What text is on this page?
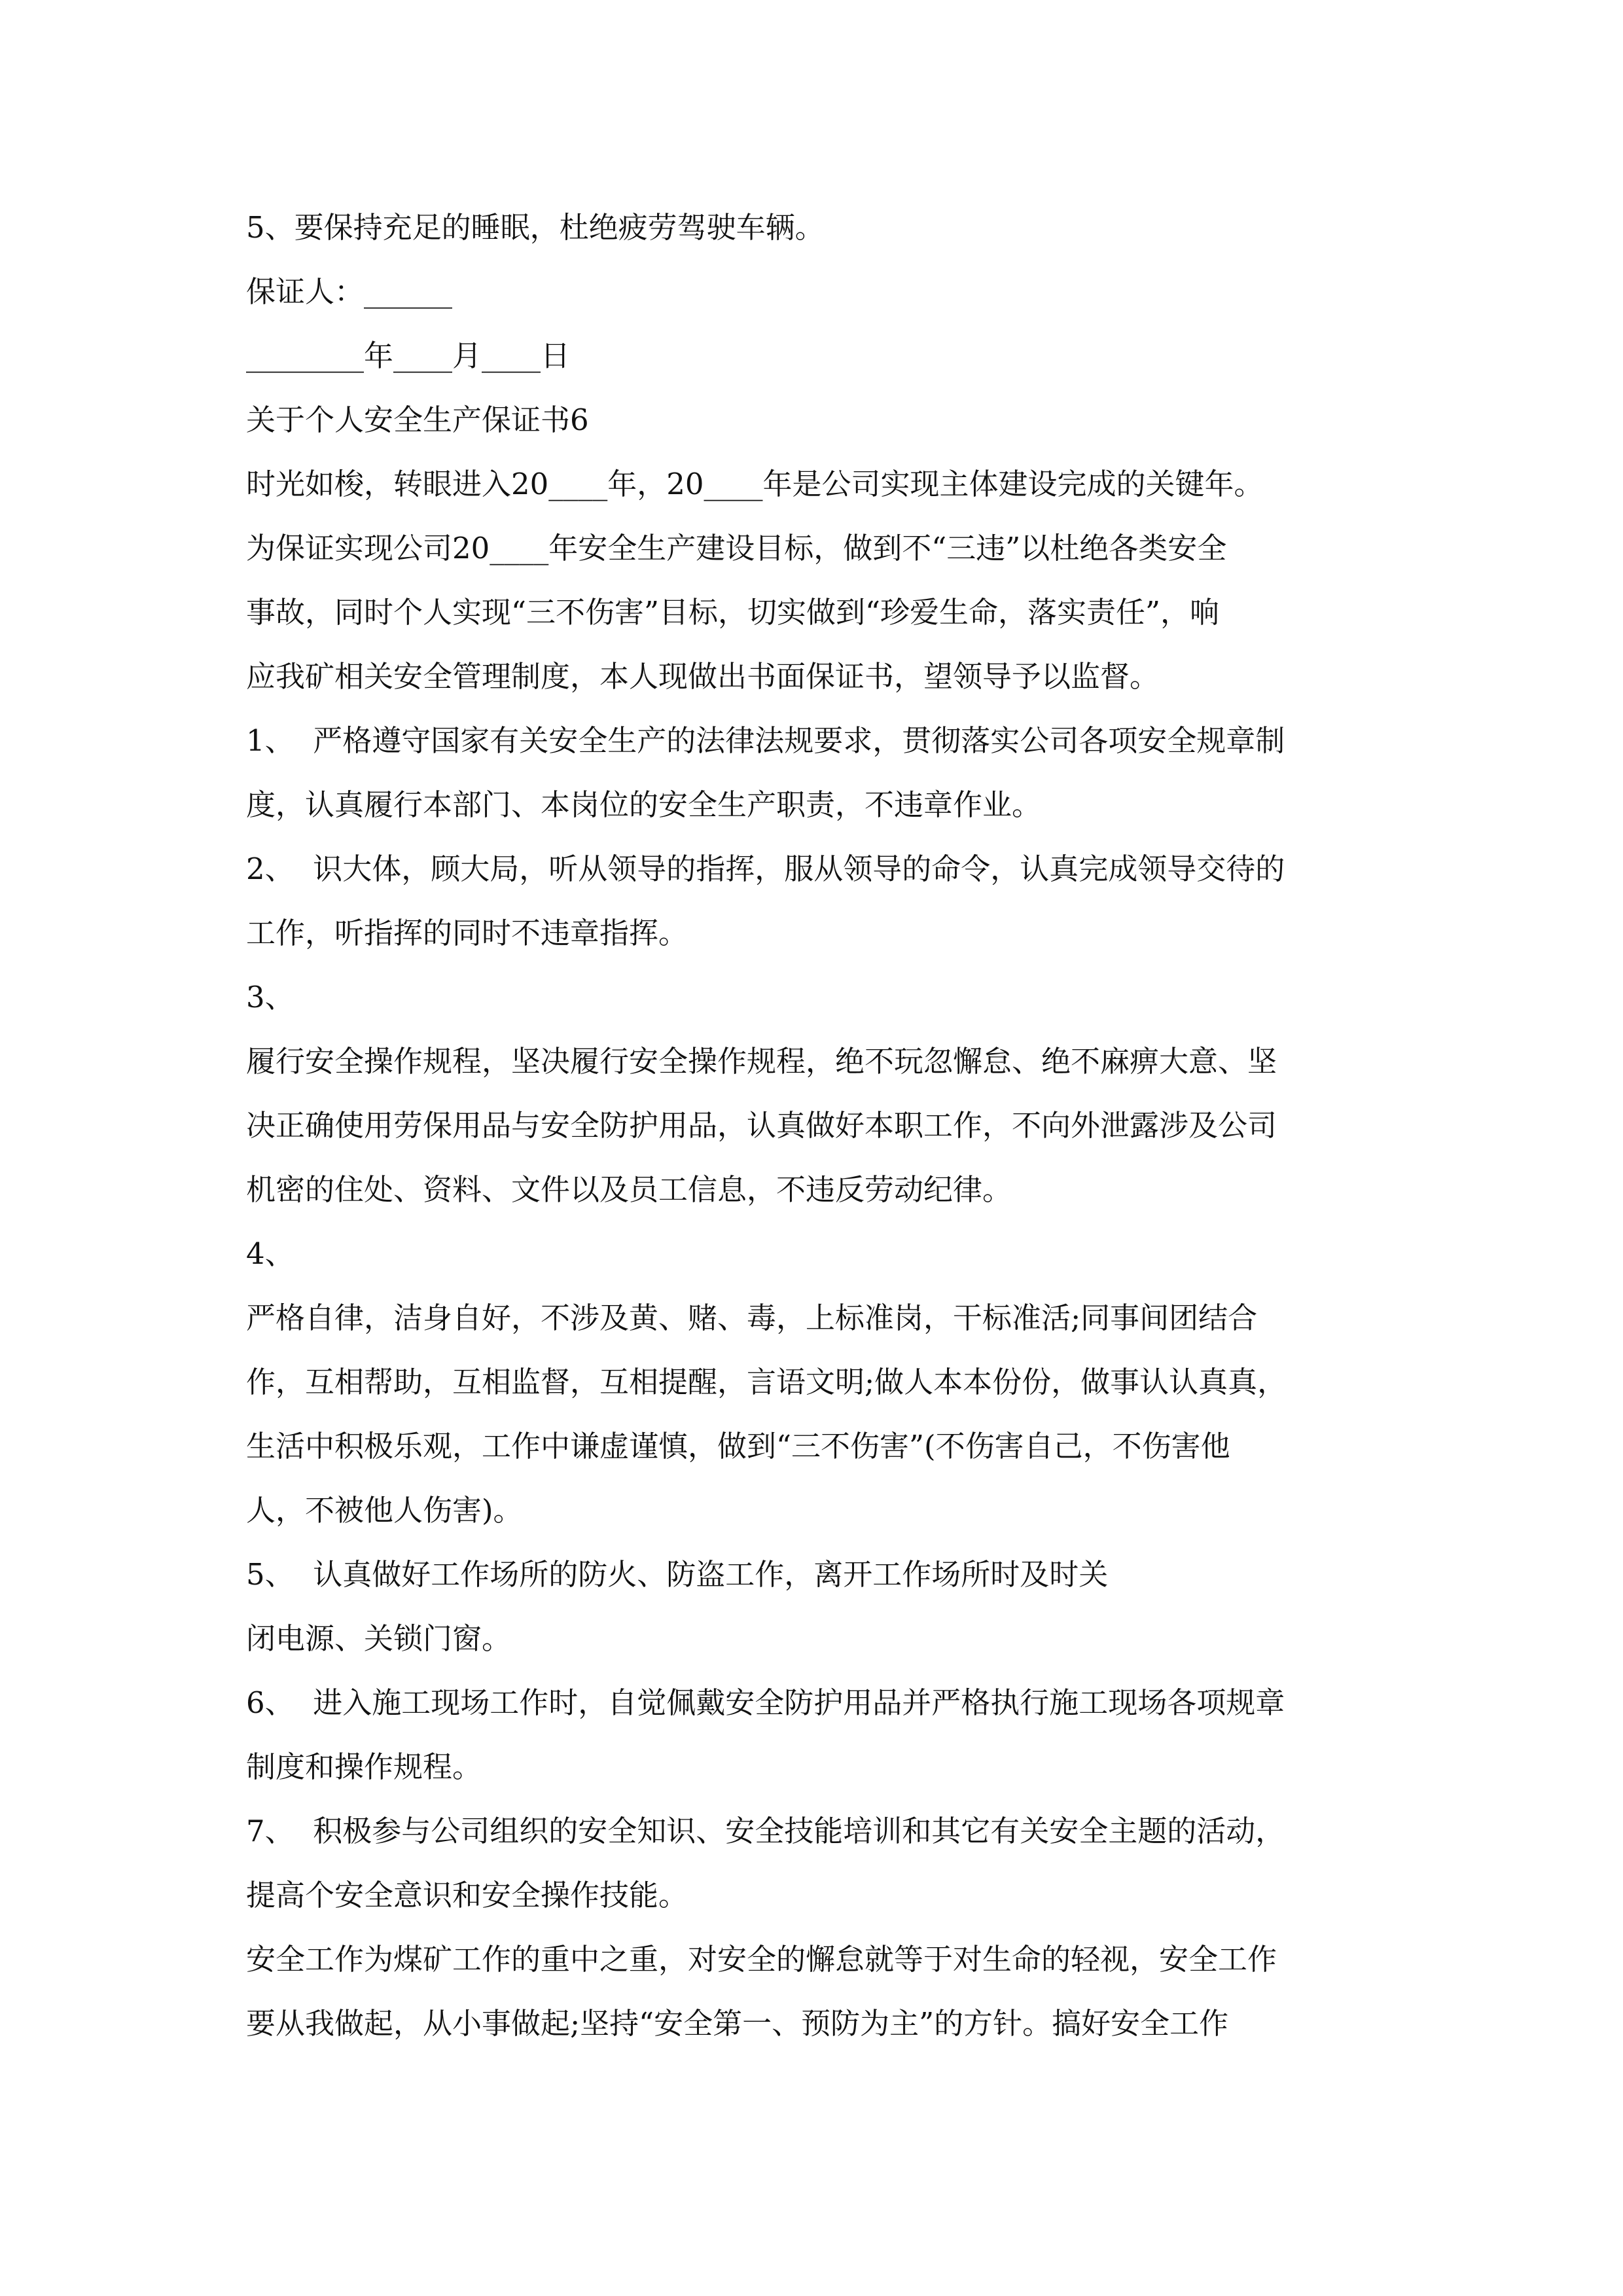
5、要保持充足的睡眠，杜绝疲劳驾驶车辆。
保证人：______
________年____月____日
关于个人安全生产保证书6
时光如梭，转眼进入20____年，20____年是公司实现主体建设完成的关键年。
为保证实现公司20____年安全生产建设目标，做到不“三违”以杜绝各类安全
事故，同时个人实现“三不伤害”目标，切实做到“珍爱生命，落实责任”，响
应我矿相关安全管理制度，本人现做出书面保证书，望领导予以监督。
1、  严格遵守国家有关安全生产的法律法规要求，贯彻落实公司各项安全规章制
度，认真履行本部门、本岗位的安全生产职责，不违章作业。
2、  识大体，顾大局，听从领导的指挥，服从领导的命令，认真完成领导交待的
工作，听指挥的同时不违章指挥。
3、
履行安全操作规程，坚决履行安全操作规程，绝不玩忽懈怠、绝不麻痹大意、坚
决正确使用劳保用品与安全防护用品，认真做好本职工作，不向外泄露涉及公司
机密的住处、资料、文件以及员工信息，不违反劳动纪律。
4、
严格自律，洁身自好，不涉及黄、赌、毒，上标准岗，干标准活;同事间团结合
作，互相帮助，互相监督，互相提醒，言语文明;做人本本份份，做事认认真真，
生活中积极乐观，工作中谦虚谨慎，做到“三不伤害”(不伤害自己，不伤害他
人，不被他人伤害)。
5、  认真做好工作场所的防火、防盗工作，离开工作场所时及时关
闭电源、关锁门窗。
6、  进入施工现场工作时，自觉佩戴安全防护用品并严格执行施工现场各项规章
制度和操作规程。
7、  积极参与公司组织的安全知识、安全技能培训和其它有关安全主题的活动，
提高个安全意识和安全操作技能。
安全工作为煤矿工作的重中之重，对安全的懈怠就等于对生命的轻视，安全工作
要从我做起，从小事做起;坚持“安全第一、预防为主”的方针。搞好安全工作
